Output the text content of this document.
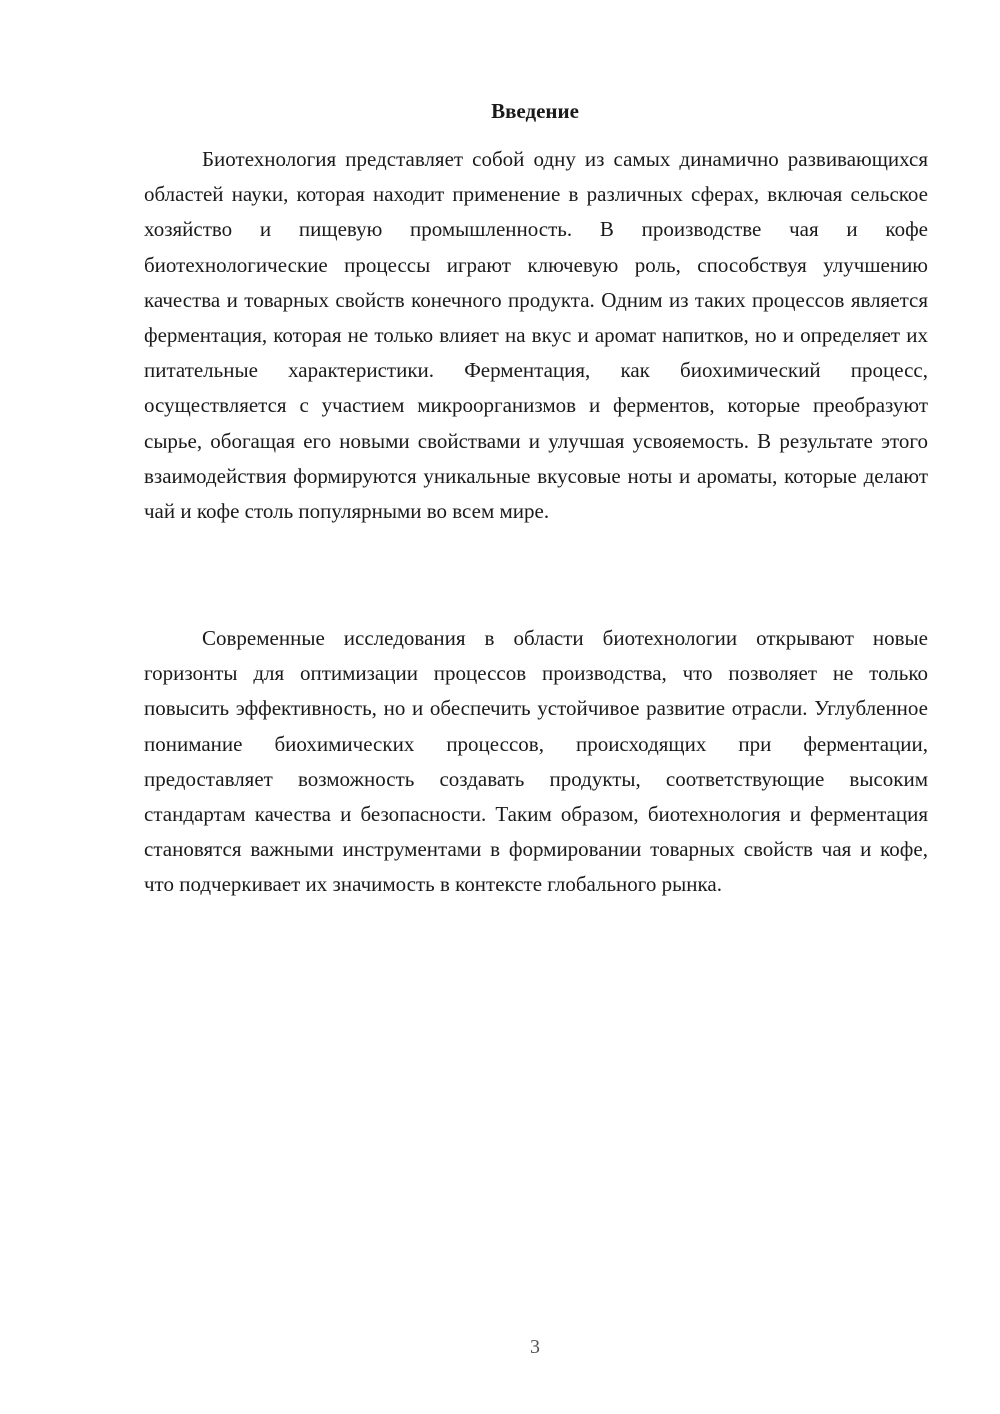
Введение

Биотехнология представляет собой одну из самых динамично развивающихся областей науки, которая находит применение в различных сферах, включая сельское хозяйство и пищевую промышленность. В производстве чая и кофе биотехнологические процессы играют ключевую роль, способствуя улучшению качества и товарных свойств конечного продукта. Одним из таких процессов является ферментация, которая не только влияет на вкус и аромат напитков, но и определяет их питательные характеристики. Ферментация, как биохимический процесс, осуществляется с участием микроорганизмов и ферментов, которые преобразуют сырье, обогащая его новыми свойствами и улучшая усвояемость. В результате этого взаимодействия формируются уникальные вкусовые ноты и ароматы, которые делают чай и кофе столь популярными во всем мире.

Современные исследования в области биотехнологии открывают новые горизонты для оптимизации процессов производства, что позволяет не только повысить эффективность, но и обеспечить устойчивое развитие отрасли. Углубленное понимание биохимических процессов, происходящих при ферментации, предоставляет возможность создавать продукты, соответствующие высоким стандартам качества и безопасности. Таким образом, биотехнология и ферментация становятся важными инструментами в формировании товарных свойств чая и кофе, что подчеркивает их значимость в контексте глобального рынка.

3
